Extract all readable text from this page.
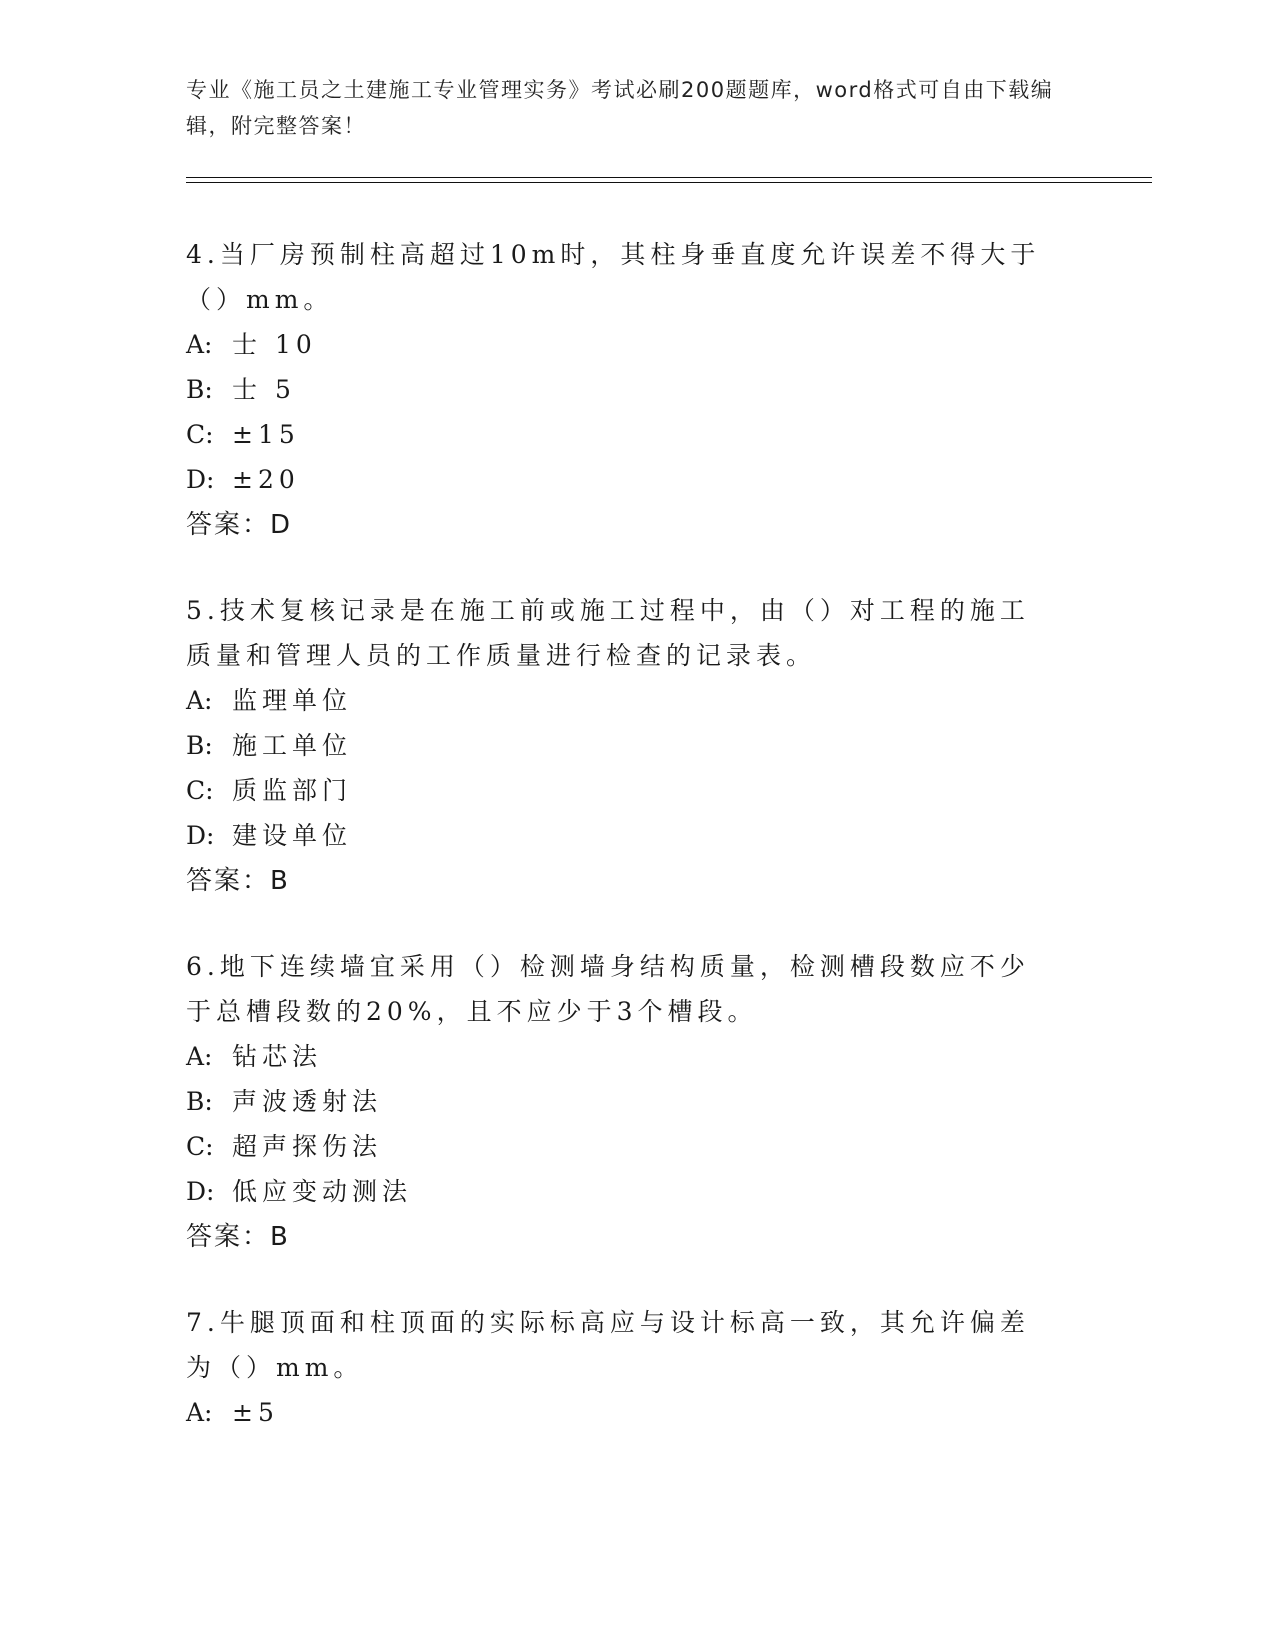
专业《施工员之土建施工专业管理实务》考试必刷200题题库，word格式可自由下载编辑，附完整答案！

4.当厂房预制柱高超过10m时，其柱身垂直度允许误差不得大于（）mm。

A: 士 10

B: 士 5

C: ±15

D: ±20

答案：D

5.技术复核记录是在施工前或施工过程中，由（）对工程的施工质量和管理人员的工作质量进行检查的记录表。

A: 监理单位

B: 施工单位

C: 质监部门

D: 建设单位

答案：B

6.地下连续墙宜采用（）检测墙身结构质量，检测槽段数应不少于总槽段数的20%，且不应少于3个槽段。

A: 钻芯法

B: 声波透射法

C: 超声探伤法

D: 低应变动测法

答案：B

7.牛腿顶面和柱顶面的实际标高应与设计标高一致，其允许偏差为（）mm。

A: ±5
